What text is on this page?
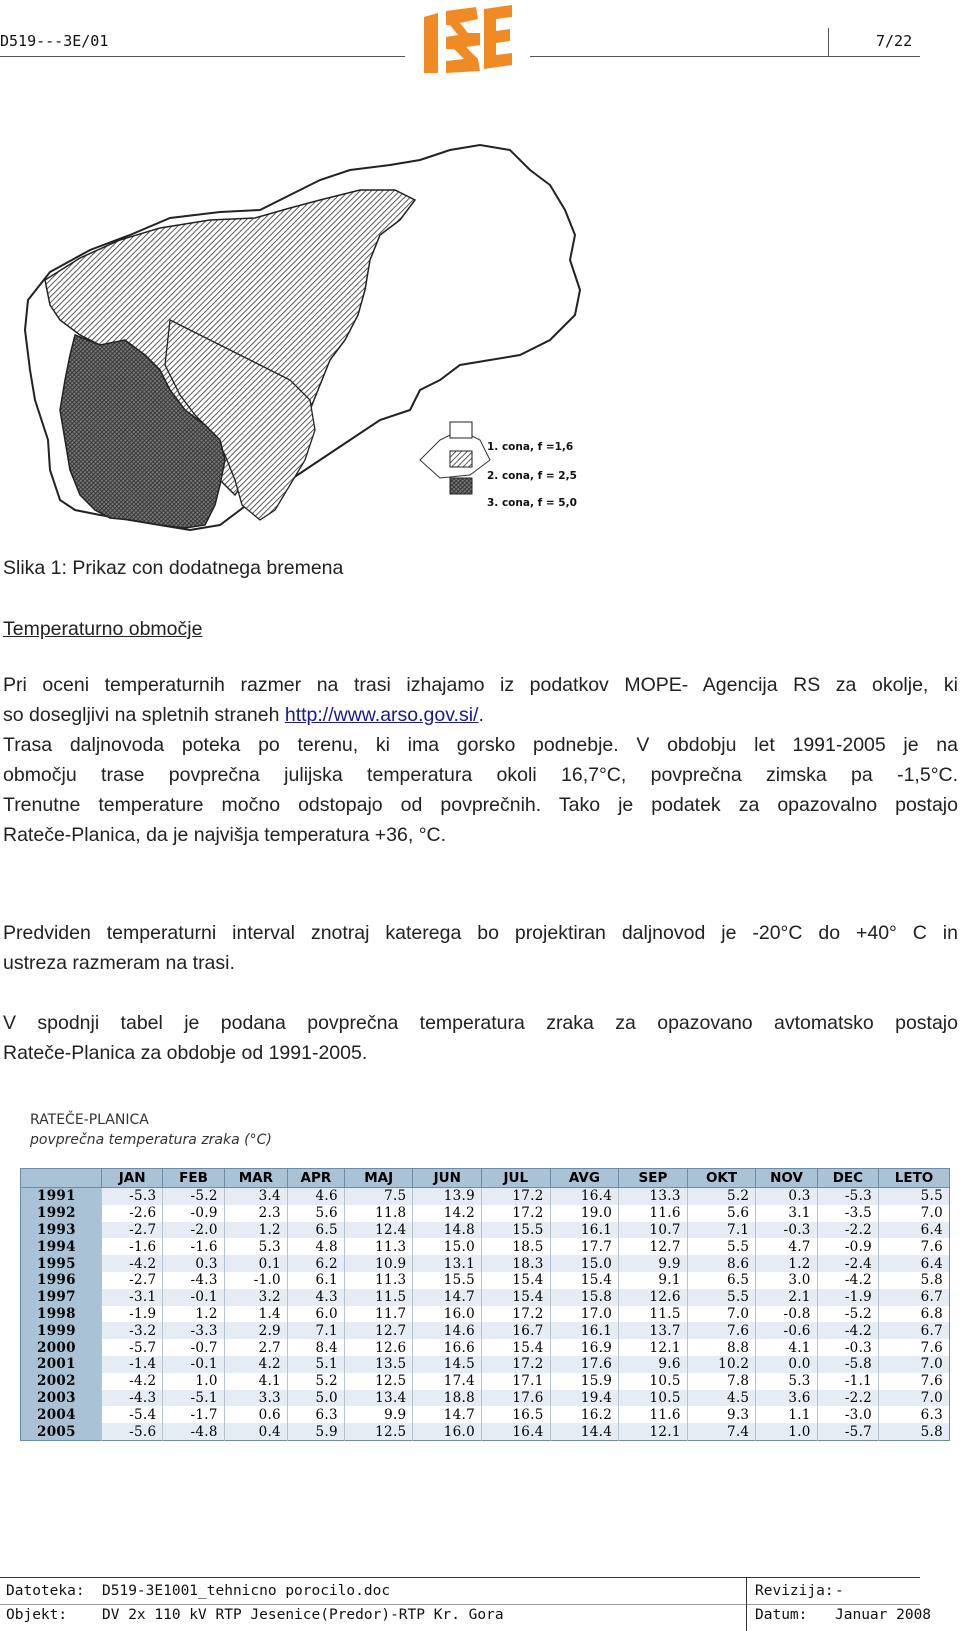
D519---3E/01	7/22
1. cona, f =1,6
2. cona, f = 2,5
3. cona, f = 5,0
Slika 1: Prikaz con dodatnega bremena
Temperaturno območje
Pri oceni temperaturnih razmer na trasi izhajamo iz podatkov MOPE- Agencija RS za okolje, ki
so dosegljivi na spletnih straneh http://www.arso.gov.si/.
Trasa daljnovoda poteka po terenu, ki ima gorsko podnebje. V obdobju let 1991-2005 je na
območju trase povprečna julijska temperatura okoli 16,7°C, povprečna zimska pa -1,5°C.
Trenutne temperature močno odstopajo od povprečnih. Tako je podatek za opazovalno postajo
Rateče-Planica, da je najvišja temperatura +36, °C.
Predviden temperaturni interval znotraj katerega bo projektiran daljnovod je -20°C do +40° C in
ustreza razmeram na trasi.
V spodnji tabel je podana povprečna temperatura zraka za opazovano avtomatsko postajo
Rateče-Planica za obdobje od 1991-2005.
RATEČE-PLANICA
povprečna temperatura zraka (°C)
	JAN	FEB	MAR	APR	MAJ	JUN	JUL	AVG	SEP	OKT	NOV	DEC	LETO
1991	-5.3	-5.2	3.4	4.6	7.5	13.9	17.2	16.4	13.3	5.2	0.3	-5.3	5.5
1992	-2.6	-0.9	2.3	5.6	11.8	14.2	17.2	19.0	11.6	5.6	3.1	-3.5	7.0
1993	-2.7	-2.0	1.2	6.5	12.4	14.8	15.5	16.1	10.7	7.1	-0.3	-2.2	6.4
1994	-1.6	-1.6	5.3	4.8	11.3	15.0	18.5	17.7	12.7	5.5	4.7	-0.9	7.6
1995	-4.2	0.3	0.1	6.2	10.9	13.1	18.3	15.0	9.9	8.6	1.2	-2.4	6.4
1996	-2.7	-4.3	-1.0	6.1	11.3	15.5	15.4	15.4	9.1	6.5	3.0	-4.2	5.8
1997	-3.1	-0.1	3.2	4.3	11.5	14.7	15.4	15.8	12.6	5.5	2.1	-1.9	6.7
1998	-1.9	1.2	1.4	6.0	11.7	16.0	17.2	17.0	11.5	7.0	-0.8	-5.2	6.8
1999	-3.2	-3.3	2.9	7.1	12.7	14.6	16.7	16.1	13.7	7.6	-0.6	-4.2	6.7
2000	-5.7	-0.7	2.7	8.4	12.6	16.6	15.4	16.9	12.1	8.8	4.1	-0.3	7.6
2001	-1.4	-0.1	4.2	5.1	13.5	14.5	17.2	17.6	9.6	10.2	0.0	-5.8	7.0
2002	-4.2	1.0	4.1	5.2	12.5	17.4	17.1	15.9	10.5	7.8	5.3	-1.1	7.6
2003	-4.3	-5.1	3.3	5.0	13.4	18.8	17.6	19.4	10.5	4.5	3.6	-2.2	7.0
2004	-5.4	-1.7	0.6	6.3	9.9	14.7	16.5	16.2	11.6	9.3	1.1	-3.0	6.3
2005	-5.6	-4.8	0.4	5.9	12.5	16.0	16.4	14.4	12.1	7.4	1.0	-5.7	5.8
Datoteka: D519-3E1001_tehnicno porocilo.doc	Revizija: -
Objekt: DV 2x 110 kV RTP Jesenice(Predor)-RTP Kr. Gora	Datum: Januar 2008
